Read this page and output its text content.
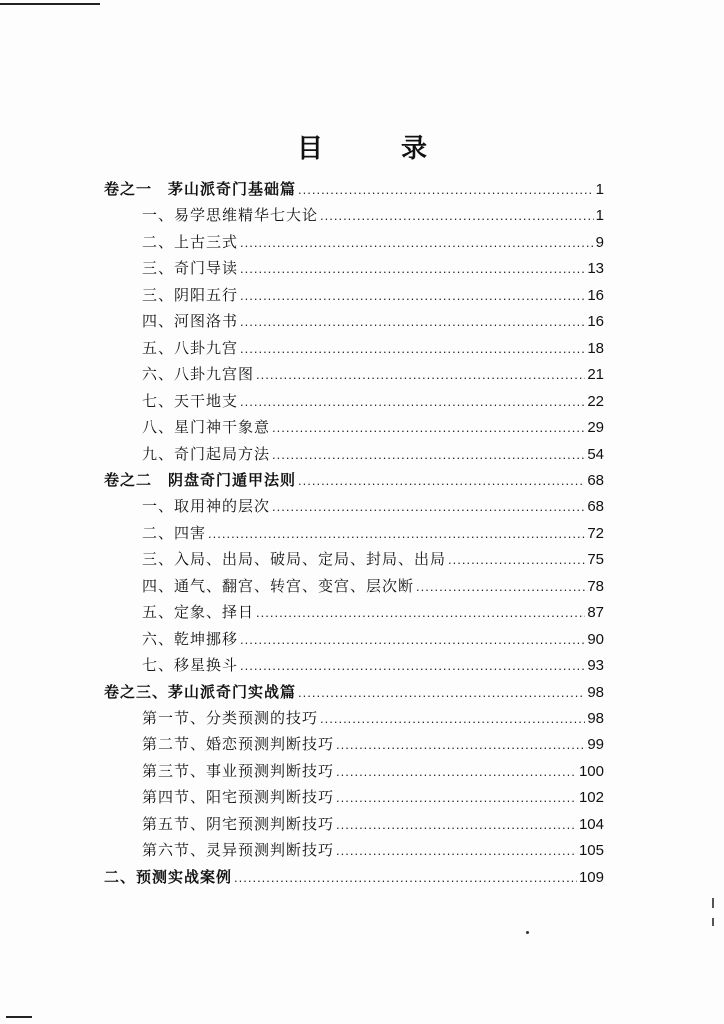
目　录
卷之一　茅山派奇门基础篇 .....	1
一、易学思维精华七大论 .....	1
二、上古三式 .....	9
三、奇门导读 .....	13
三、阴阳五行 .....	16
四、河图洛书 .....	16
五、八卦九宫 .....	18
六、八卦九宫图 .....	21
七、天干地支 .....	22
八、星门神干象意 .....	29
九、奇门起局方法 .....	54
卷之二　阴盘奇门遁甲法则 .....	68
一、取用神的层次 .....	68
二、四害 .....	72
三、入局、出局、破局、定局、封局、出局 .....	75
四、通气、翻宫、转宫、变宫、层次断 .....	78
五、定象、择日 .....	87
六、乾坤挪移 .....	90
七、移星换斗 .....	93
卷之三、茅山派奇门实战篇 .....	98
第一节、分类预测的技巧 .....	98
第二节、婚恋预测判断技巧 .....	99
第三节、事业预测判断技巧 .....	100
第四节、阳宅预测判断技巧 .....	102
第五节、阴宅预测判断技巧 .....	104
第六节、灵异预测判断技巧 .....	105
二、预测实战案例 .....	109
